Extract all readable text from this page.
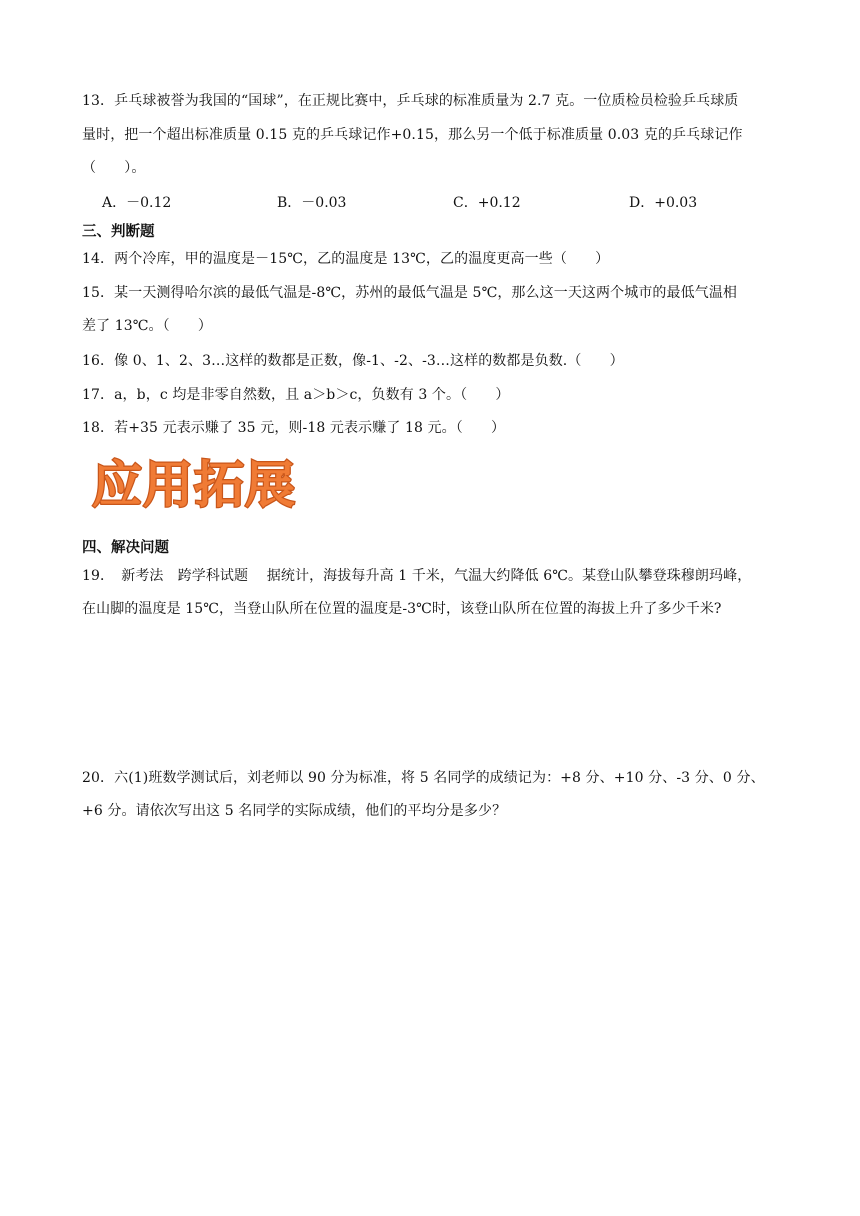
13．乒乓球被誉为我国的“国球”，在正规比赛中，乒乓球的标准质量为 2.7 克。一位质检员检验乒乓球质
量时，把一个超出标准质量 0.15 克的乒乓球记作+0.15，那么另一个低于标准质量 0.03 克的乒乓球记作
（　　）。
A．－0.12	B．－0.03	C．+0.12	D．+0.03
三、判断题
14．两个冷库，甲的温度是－15℃，乙的温度是 13℃，乙的温度更高一些（　　）
15．某一天测得哈尔滨的最低气温是-8℃，苏州的最低气温是 5℃，那么这一天这两个城市的最低气温相
差了 13℃。（　　）
16．像 0、1、2、3…这样的数都是正数，像-1、-2、-3…这样的数都是负数.（　　）
17．a，b，c 均是非零自然数，且 a＞b＞c，负数有 3 个。（　　）
18．若+35 元表示赚了 35 元，则-18 元表示赚了 18 元。（　　）
应用拓展
四、解决问题
19．　新考法　跨学科试题　 据统计，海拔每升高 1 千米，气温大约降低 6℃。某登山队攀登珠穆朗玛峰，
在山脚的温度是 15℃，当登山队所在位置的温度是-3℃时，该登山队所在位置的海拔上升了多少千米?
20．六(1)班数学测试后，刘老师以 90 分为标准，将 5 名同学的成绩记为：+8 分、+10 分、-3 分、0 分、
+6 分。请依次写出这 5 名同学的实际成绩，他们的平均分是多少？
